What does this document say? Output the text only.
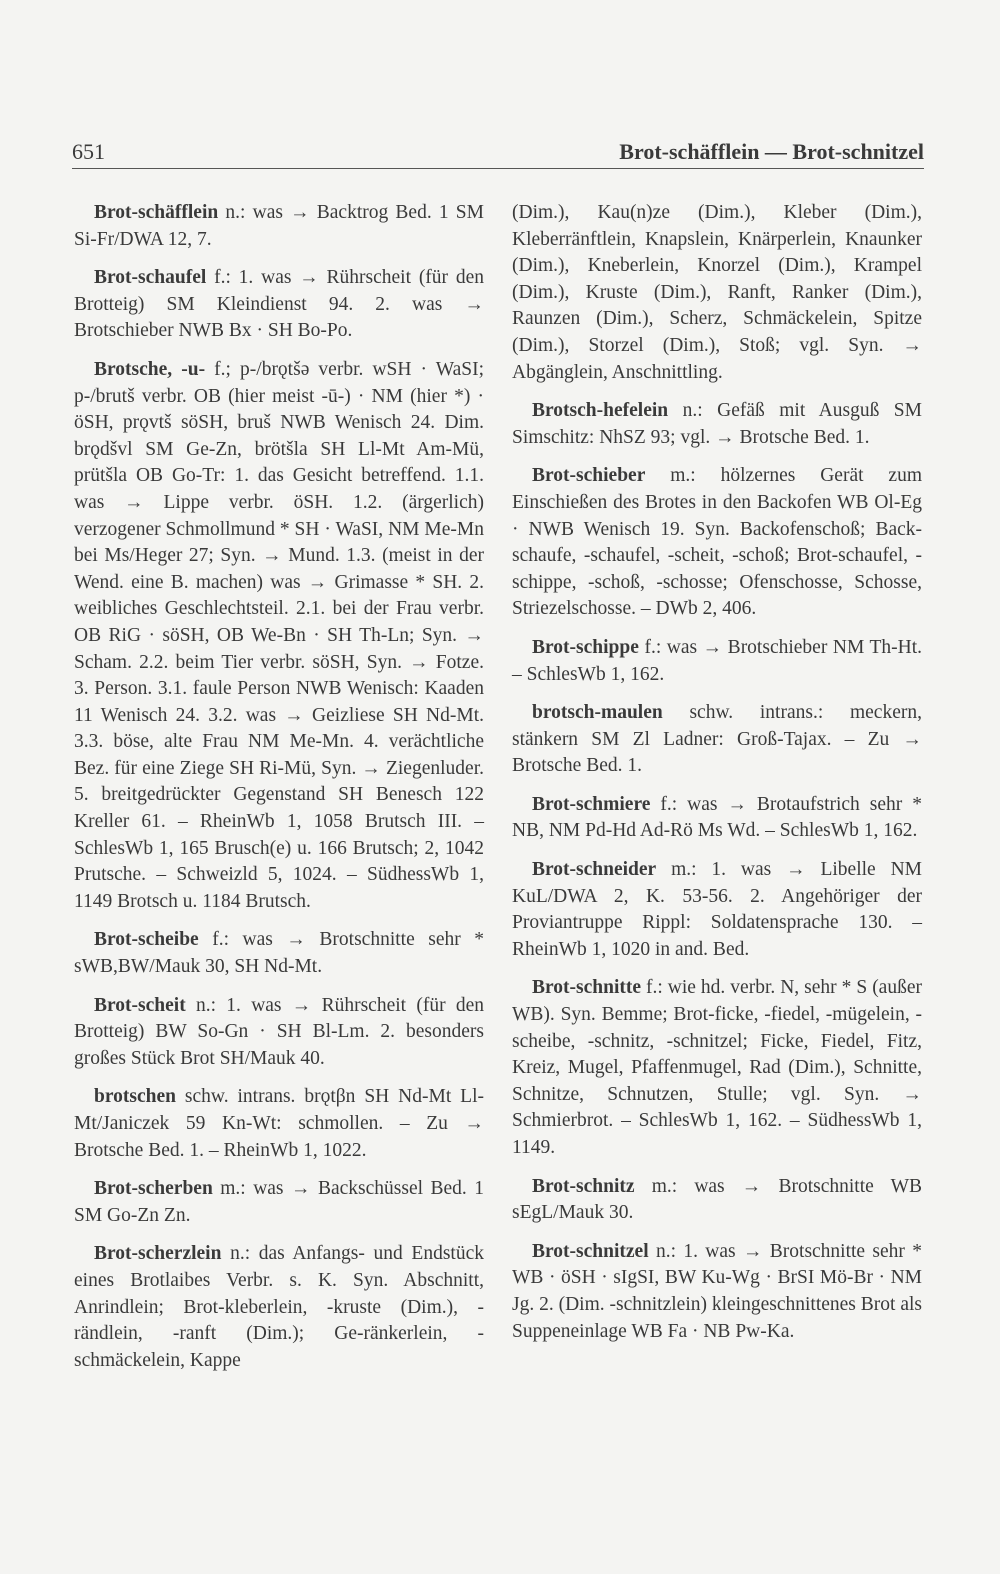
651	Brot-schäfflein — Brot-schnitzel

Brot-schäfflein n.: was → Backtrog Bed. 1 SM Si-Fr/DWA 12, 7.

Brot-schaufel f.: 1. was → Rührscheit (für den Brotteig) SM Kleindienst 94. 2. was → Brotschieber NWB Bx · SH Bo-Po.

Brotsche, -u- f.; p-/brǫtšǝ verbr. wSH · WaSI; p-/brutš verbr. OB (hier meist -ū-) · NM (hier *) · öSH, prǫvtš söSH, bruš NWB Wenisch 24. Dim. brǫdšvl SM Ge-Zn, brötšla SH Ll-Mt Am-Mü, prütšla OB Go-Tr: 1. das Gesicht betreffend. 1.1. was → Lippe verbr. öSH. 1.2. (ärgerlich) verzogener Schmollmund * SH · WaSI, NM Me-Mn bei Ms/Heger 27; Syn. → Mund. 1.3. (meist in der Wend. eine B. machen) was → Grimasse * SH. 2. weibliches Geschlechtsteil. 2.1. bei der Frau verbr. OB RiG · söSH, OB We-Bn · SH Th-Ln; Syn. → Scham. 2.2. beim Tier verbr. söSH, Syn. → Fotze. 3. Person. 3.1. faule Person NWB Wenisch: Kaaden 11 Wenisch 24. 3.2. was → Geizliese SH Nd-Mt. 3.3. böse, alte Frau NM Me-Mn. 4. verächtliche Bez. für eine Ziege SH Ri-Mü, Syn. → Ziegenluder. 5. breitgedrückter Gegenstand SH Benesch 122 Kreller 61. – RheinWb 1, 1058 Brutsch III. – SchlesWb 1, 165 Brusch(e) u. 166 Brutsch; 2, 1042 Prutsche. – Schweizld 5, 1024. – SüdhessWb 1, 1149 Brotsch u. 1184 Brutsch.

Brot-scheibe f.: was → Brotschnitte sehr * sWB,BW/Mauk 30, SH Nd-Mt.

Brot-scheit n.: 1. was → Rührscheit (für den Brotteig) BW So-Gn · SH Bl-Lm. 2. besonders großes Stück Brot SH/Mauk 40.

brotschen schw. intrans. brǫtβn SH Nd-Mt Ll-Mt/Janiczek 59 Kn-Wt: schmollen. – Zu → Brotsche Bed. 1. – RheinWb 1, 1022.

Brot-scherben m.: was → Backschüssel Bed. 1 SM Go-Zn Zn.

Brot-scherzlein n.: das Anfangs- und Endstück eines Brotlaibes Verbr. s. K. Syn. Abschnitt, Anrindlein; Brot-kleberlein, -kruste (Dim.), -rändlein, -ranft (Dim.); Ge-ränkerlein, -schmäckelein, Kappe

(Dim.), Kau(n)ze (Dim.), Kleber (Dim.), Kleberränftlein, Knapslein, Knärperlein, Knaunker (Dim.), Kneberlein, Knorzel (Dim.), Krampel (Dim.), Kruste (Dim.), Ranft, Ranker (Dim.), Raunzen (Dim.), Scherz, Schmäckelein, Spitze (Dim.), Storzel (Dim.), Stoß; vgl. Syn. → Abgänglein, Anschnittling.

Brotsch-hefelein n.: Gefäß mit Ausguß SM Simschitz: NhSZ 93; vgl. → Brotsche Bed. 1.

Brot-schieber m.: hölzernes Gerät zum Einschießen des Brotes in den Backofen WB Ol-Eg · NWB Wenisch 19. Syn. Backofenschoß; Back-schaufe, -schaufel, -scheit, -schoß; Brot-schaufel, -schippe, -schoß, -schosse; Ofenschosse, Schosse, Striezelschosse. – DWb 2, 406.

Brot-schippe f.: was → Brotschieber NM Th-Ht. – SchlesWb 1, 162.

brotsch-maulen schw. intrans.: meckern, stänkern SM Zl Ladner: Groß-Tajax. – Zu → Brotsche Bed. 1.

Brot-schmiere f.: was → Brotaufstrich sehr * NB, NM Pd-Hd Ad-Rö Ms Wd. – SchlesWb 1, 162.

Brot-schneider m.: 1. was → Libelle NM KuL/DWA 2, K. 53-56. 2. Angehöriger der Proviantruppe Rippl: Soldatensprache 130. – RheinWb 1, 1020 in and. Bed.

Brot-schnitte f.: wie hd. verbr. N, sehr * S (außer WB). Syn. Bemme; Brot-ficke, -fiedel, -mügelein, -scheibe, -schnitz, -schnitzel; Ficke, Fiedel, Fitz, Kreiz, Mugel, Pfaffenmugel, Rad (Dim.), Schnitte, Schnitze, Schnutzen, Stulle; vgl. Syn. → Schmierbrot. – SchlesWb 1, 162. – SüdhessWb 1, 1149.

Brot-schnitz m.: was → Brotschnitte WB sEgL/Mauk 30.

Brot-schnitzel n.: 1. was → Brotschnitte sehr * WB · öSH · sIgSI, BW Ku-Wg · BrSI Mö-Br · NM Jg. 2. (Dim. -schnitzlein) kleingeschnittenes Brot als Suppeneinlage WB Fa · NB Pw-Ka.
